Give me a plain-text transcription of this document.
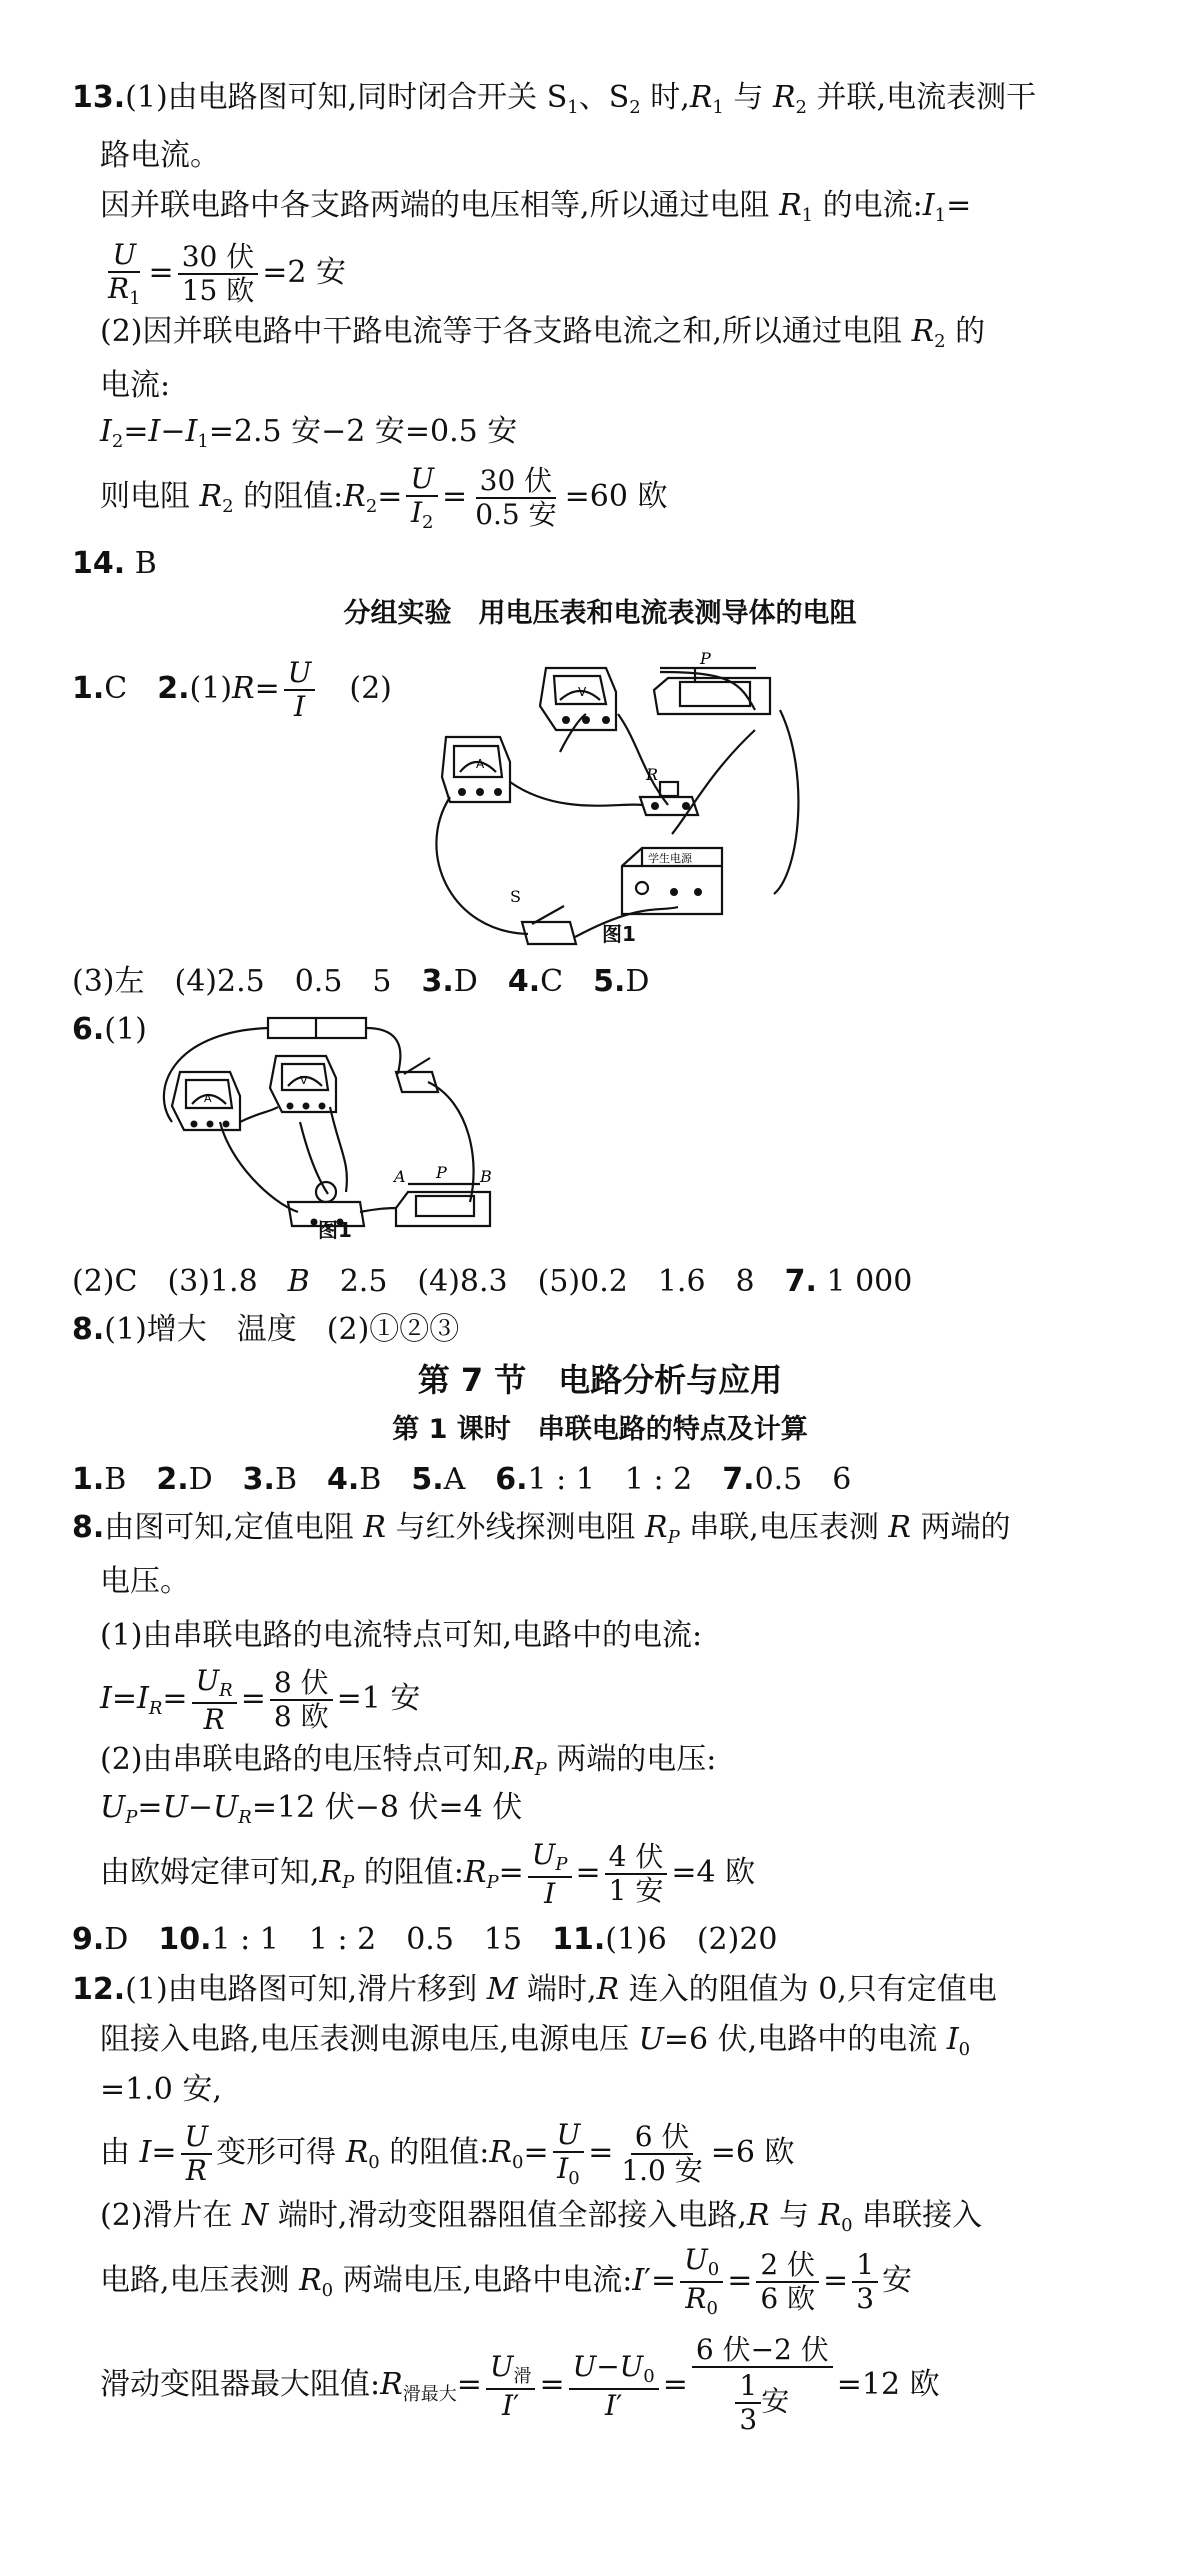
13.(1)由电路图可知,同时闭合开关 $S_1$、$S_2$ 时$,R_1$ 与 $R_2$ 并联,电流表测干
路电流。
因并联电路中各支路两端的电压相等,所以通过电阻 $R_1$ 的电流$:I_1=$
$\frac{U}{R_1} = \frac{\text{30 伏}}{\text{15 欧}} =2$ 安
(2)因并联电路中干路电流等于各支路电流之和,所以通过电阻 $R_2$ 的
电流:
$I_2=I-I_1=2.5$ 安−2 安=0.5 安
则电阻 $R_2$ 的阻值$:R_2= \frac{U}{I_2} = \frac{\text{30 伏}}{\text{0.5 安}} =60$ 欧
14. B
分组实验　用电压表和电流表测导体的电阻
1.C　 $2.(1)R= \frac{U}{I}$
　 (2)
A
V
P
R
S
学生电源
图1
(3)左　(4)2.5　0.5　5　 3.D　 4.C　 5.D
6.(1)
A
V
A P B
图1
(2)C　(3)1.8　B　2.5　(4)8.3　(5)0.2　1.6　8　7. 1 000
8.(1)增大　温度　(2)①②③
第 7 节　电路分析与应用
第 1 课时　串联电路的特点及计算
1.B　2.D　3.B　4.B　5.A　6.1 : 1　1 : 2　7.0.5　6
8.由图可知,定值电阻 R 与红外线探测电阻 $R_P$ 串联,电压表测 R 两端的
电压。
(1)由串联电路的电流特点可知,电路中的电流:
$I=I_R= \frac{U_R}{R} = \frac{\text{8 伏}}{\text{8 欧}} =1$ 安
(2)由串联电路的电压特点可知$,R_P$ 两端的电压:
$U_P=U-U_R=12$ 伏−8 伏=4 伏
由欧姆定律可知$,R_P$ 的阻值$:R_P= \frac{U_P}{I} = \frac{\text{4 伏}}{\text{1 安}} =4$ 欧
9.D　10.1 : 1　1 : 2　0.5　15　11.(1)6　(2)20
12.(1)由电路图可知,滑片移到 M 端时,R 连入的阻值为 0,只有定值电
阻接入电路,电压表测电源电压,电源电压 U=6 伏,电路中的电流 $I_0$
=1.0 安,
由 $I= \frac{U}{R}$ 变形可得 $R_0$ 的阻值$:R_0= \frac{U}{I_0} = \frac{\text{6 伏}}{\text{1.0 安}} =6$ 欧
(2)滑片在 N 端时,滑动变阻器阻值全部接入电路,R 与 $R_0$ 串联接入
电路,电压表测 $R_0$ 两端电压,电路中电流:I′= $\frac{U_0}{R_0} = \frac{\text{2 伏}}{\text{6 欧}} = \frac{1}{3}$ 安
滑动变阻器最大阻值$:R_{滑最大}= \frac{U_滑}{I'} = \frac{U-U_0}{I'} = \frac{\text{6 伏−2 伏}}{\frac{1}{3} 安} =12$ 欧
